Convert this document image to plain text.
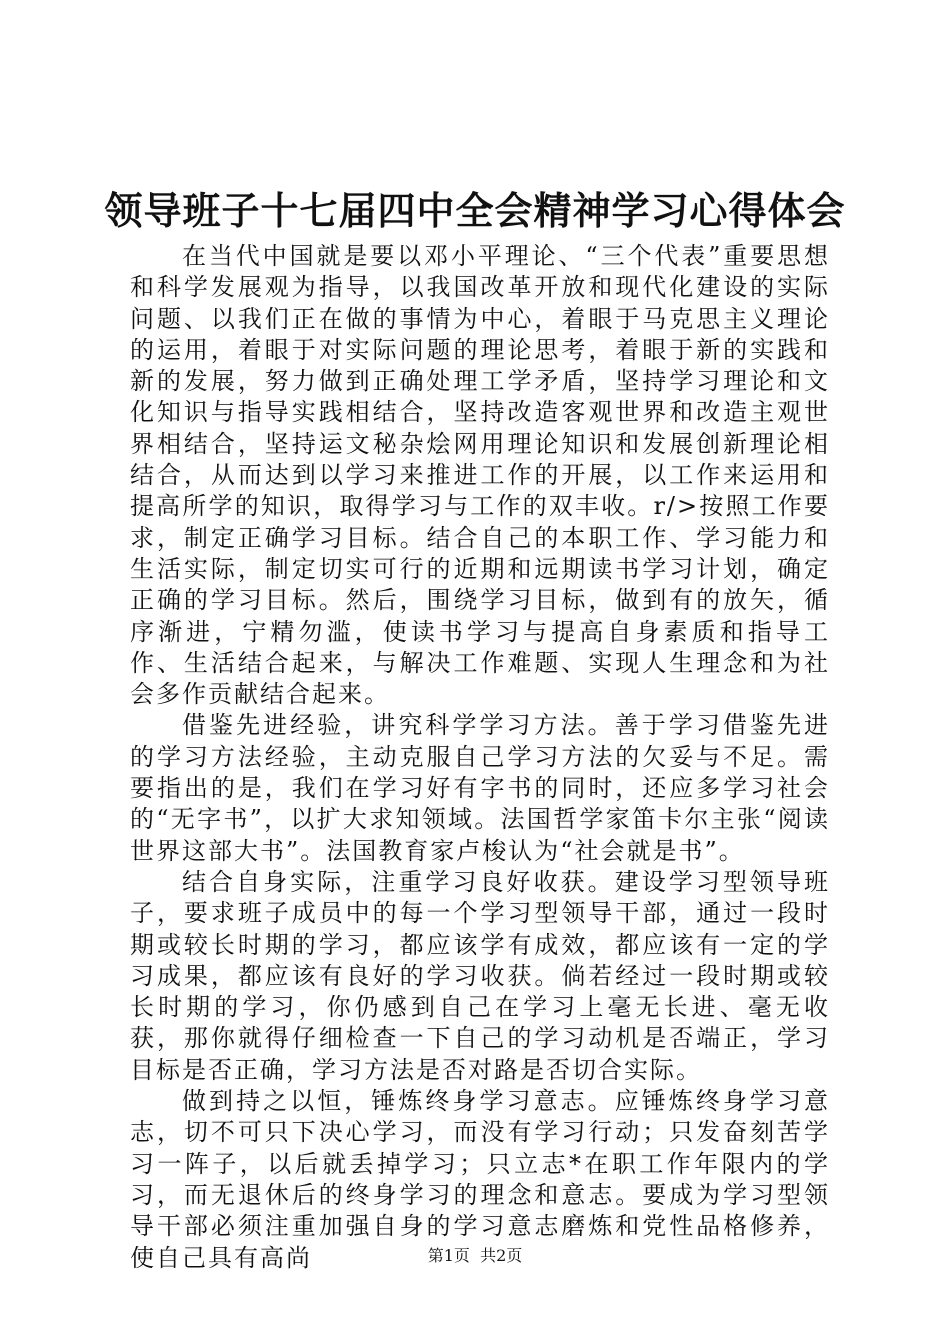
领导班子十七届四中全会精神学习心得体会

在当代中国就是要以邓小平理论、“三个代表”重要思想和科学发展观为指导，以我国改革开放和现代化建设的实际问题、以我们正在做的事情为中心，着眼于马克思主义理论的运用，着眼于对实际问题的理论思考，着眼于新的实践和新的发展，努力做到正确处理工学矛盾，坚持学习理论和文化知识与指导实践相结合，坚持改造客观世界和改造主观世界相结合，坚持运文秘杂烩网用理论知识和发展创新理论相结合，从而达到以学习来推进工作的开展，以工作来运用和提高所学的知识，取得学习与工作的双丰收。r/>按照工作要求，制定正确学习目标。结合自己的本职工作、学习能力和生活实际，制定切实可行的近期和远期读书学习计划，确定正确的学习目标。然后，围绕学习目标，做到有的放矢，循序渐进，宁精勿滥，使读书学习与提高自身素质和指导工作、生活结合起来，与解决工作难题、实现人生理念和为社会多作贡献结合起来。

借鉴先进经验，讲究科学学习方法。善于学习借鉴先进的学习方法经验，主动克服自己学习方法的欠妥与不足。需要指出的是，我们在学习好有字书的同时，还应多学习社会的“无字书”，以扩大求知领域。法国哲学家笛卡尔主张“阅读世界这部大书”。法国教育家卢梭认为“社会就是书”。

结合自身实际，注重学习良好收获。建设学习型领导班子，要求班子成员中的每一个学习型领导干部，通过一段时期或较长时期的学习，都应该学有成效，都应该有一定的学习成果，都应该有良好的学习收获。倘若经过一段时期或较长时期的学习，你仍感到自己在学习上毫无长进、毫无收获，那你就得仔细检查一下自己的学习动机是否端正，学习目标是否正确，学习方法是否对路是否切合实际。

做到持之以恒，锤炼终身学习意志。应锤炼终身学习意志，切不可只下决心学习，而没有学习行动；只发奋刻苦学习一阵子，以后就丢掉学习；只立志*在职工作年限内的学习，而无退休后的终身学习的理念和意志。要成为学习型领导干部必须注重加强自身的学习意志磨炼和党性品格修养，使自己具有高尚	第1页  共2页
